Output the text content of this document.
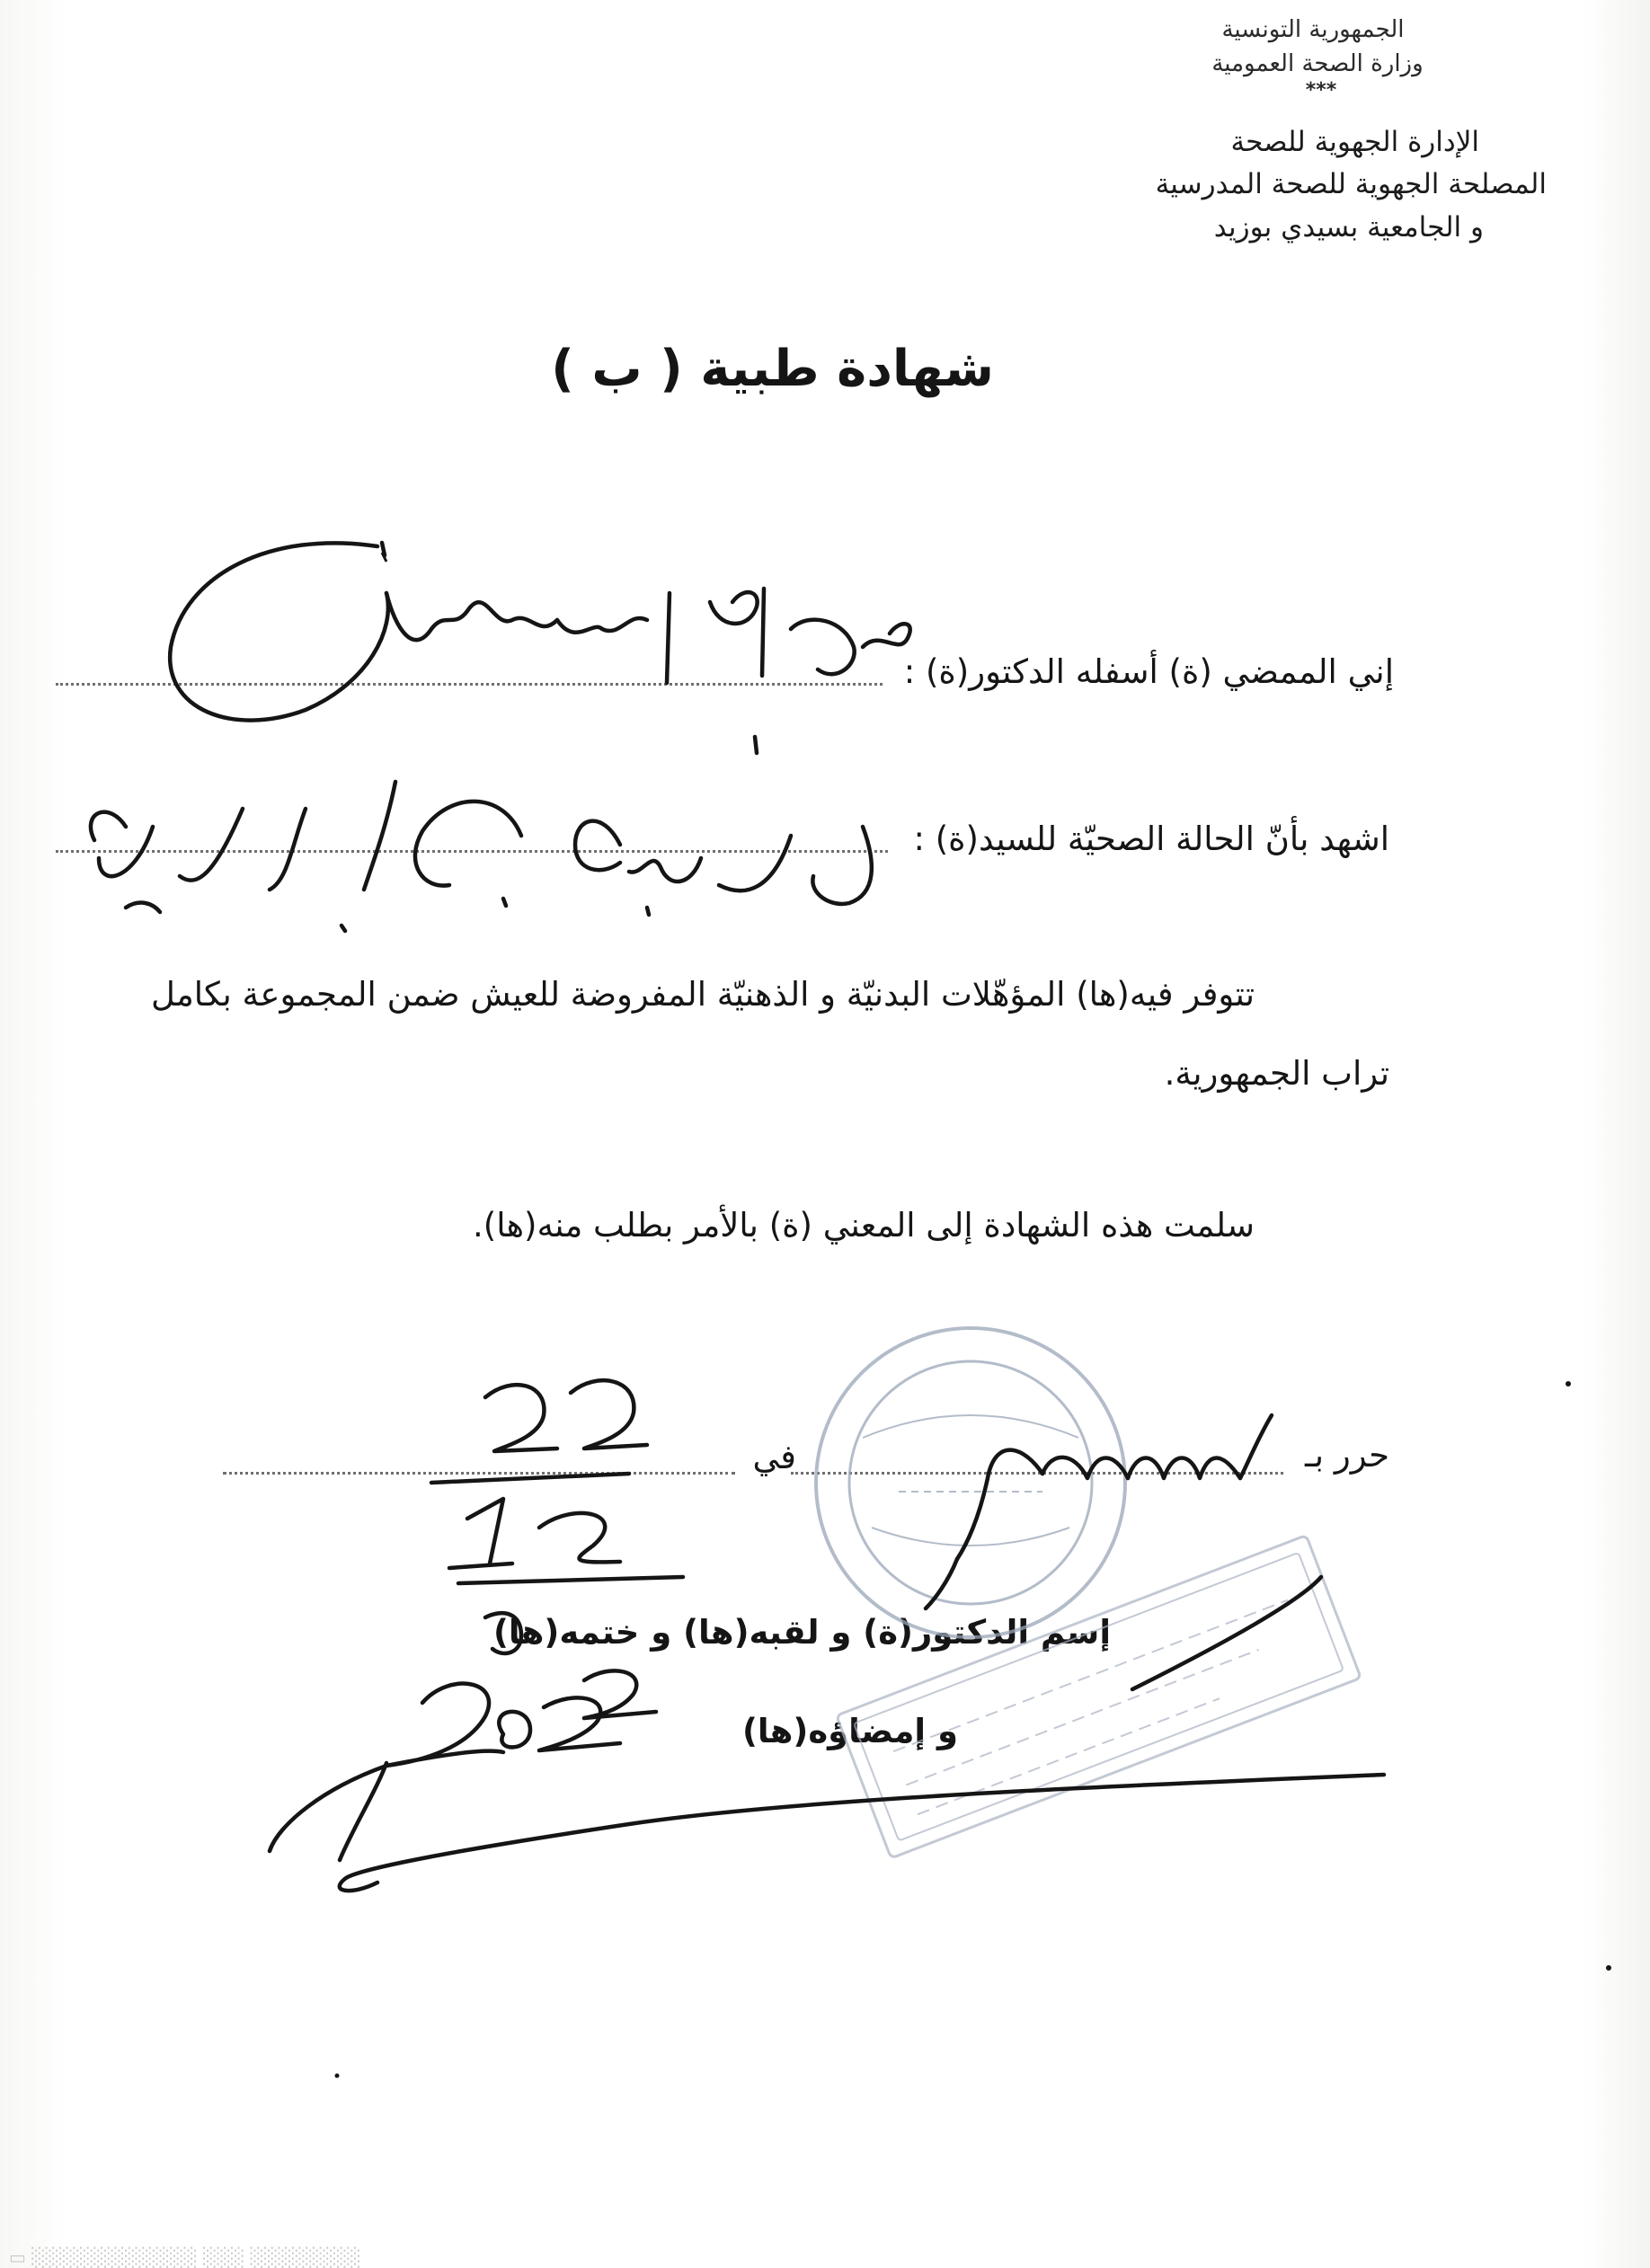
الجمهورية التونسية

وزارة الصحة العمومية

***

الإدارة الجهوية للصحة

المصلحة الجهوية للصحة المدرسية

و الجامعية بسيدي بوزيد

شهادة طبية ( ب )

إني الممضي (ة) أسفله الدكتور(ة) :

اشهد بأنّ الحالة الصحيّة للسيد(ة) :

تتوفر فيه(ها) المؤهّلات البدنيّة و الذهنيّة المفروضة للعيش ضمن المجموعة بكامل

تراب الجمهورية.

سلمت هذه الشهادة إلى المعني (ة) بالأمر بطلب منه(ها).

حرر بـ

في

إسم الدكتور(ة) و لقبه(ها) و ختمه(ها)

و إمضاؤه(ها)

▭ ░░░░░░░░░░░░ ░░░ ░░░░░░░░
